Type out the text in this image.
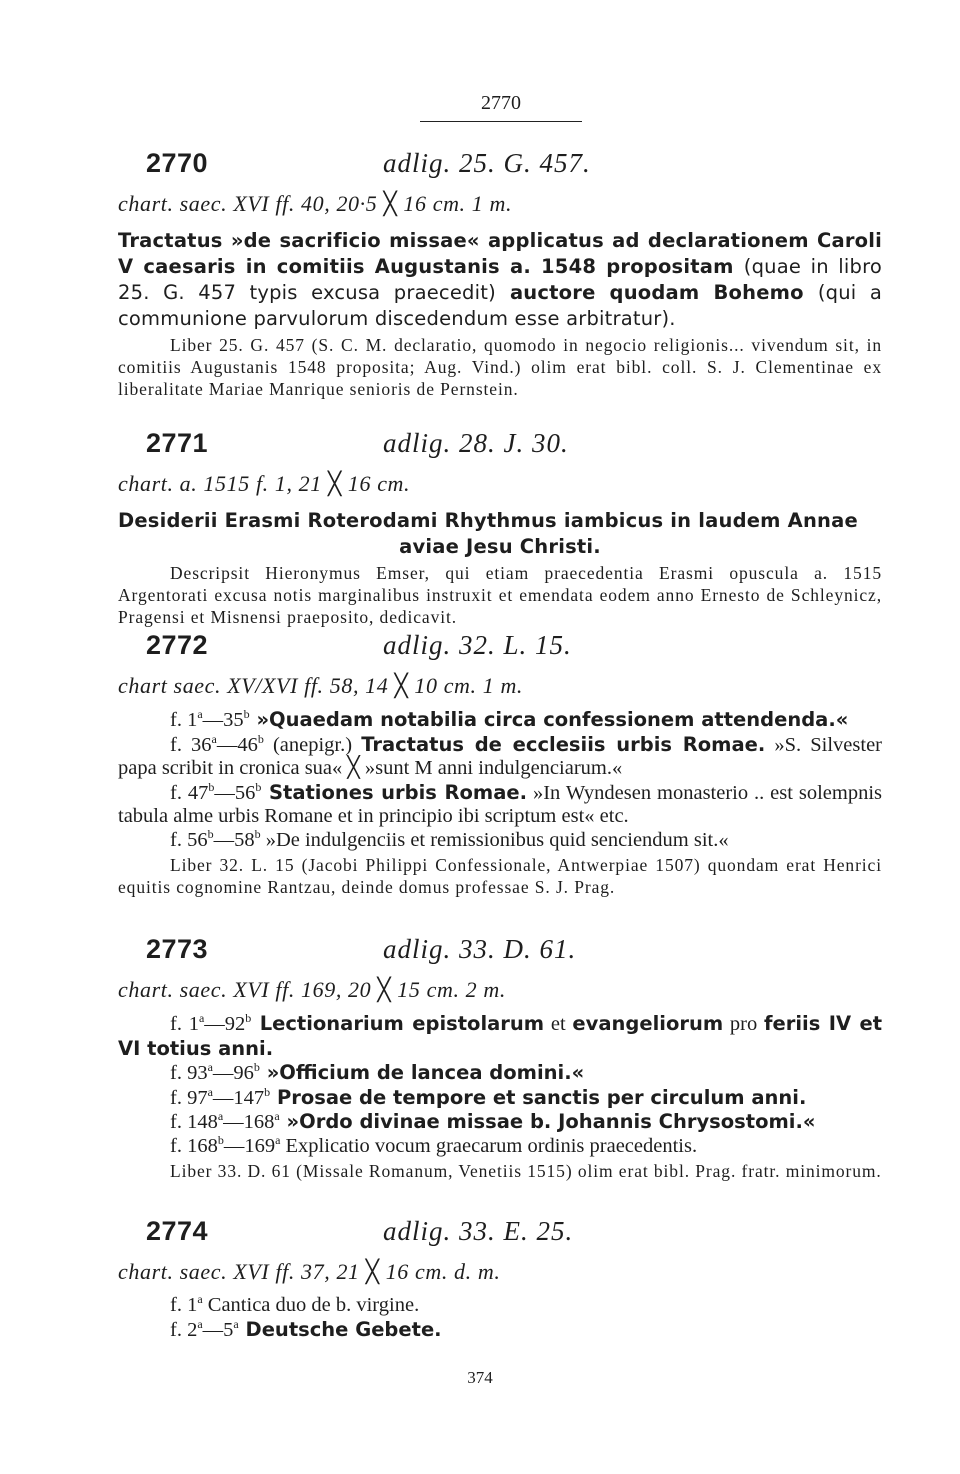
2770
2770	adlig. 25. G. 457.
chart. saec. XVI ff. 40, 20·5 ╳ 16 cm. 1 m.
Tractatus »de sacrificio missae« applicatus ad declarationem Caroli V caesaris in comitiis Augustanis a. 1548 propositam (quae in libro 25. G. 457 typis excusa praecedit) auctore quodam Bohemo (qui a communione parvulorum discedendum esse arbitratur).
Liber 25. G. 457 (S. C. M. declaratio, quomodo in negocio religionis... vivendum sit, in comitiis Augustanis 1548 proposita; Aug. Vind.) olim erat bibl. coll. S. J. Clementinae ex liberalitate Mariae Manrique senioris de Pernstein.
2771	adlig. 28. J. 30.
chart. a. 1515 f. 1, 21 ╳ 16 cm.
Desiderii Erasmi Roterodami Rhythmus iambicus in laudem Annae
aviae Jesu Christi.
Descripsit Hieronymus Emser, qui etiam praecedentia Erasmi opuscula a. 1515 Argentorati excusa notis marginalibus instruxit et emendata eodem anno Ernesto de Schleynicz, Pragensi et Misnensi praeposito, dedicavit.
2772	adlig. 32. L. 15.
chart saec. XV/XVI ff. 58, 14 ╳ 10 cm. 1 m.

f. 1$^a$—35$^b$ »Quaedam notabilia circa confessionem attendenda.«

f. 36$^a$—46$^b$ (anepigr.) Tractatus de ecclesiis urbis Romae. »S. Silvester papa scribit in cronica sua« ╳ »sunt M anni indulgenciarum.«

f. 47$^b$—56$^b$ Stationes urbis Romae. »In Wyndesen monasterio .. est solempnis tabula alme urbis Romane et in principio ibi scriptum est« etc.

f. 56$^b$—58$^b$ »De indulgenciis et remissionibus quid senciendum sit.«

Liber 32. L. 15 (Jacobi Philippi Confessionale, Antwerpiae 1507) quondam erat Henrici equitis cognomine Rantzau, deinde domus professae S. J. Prag.
2773	adlig. 33. D. 61.
chart. saec. XVI ff. 169, 20 ╳ 15 cm. 2 m.

f. 1$^a$—92$^b$ Lectionarium epistolarum et evangeliorum pro feriis IV et VI totius anni.

f. 93$^a$—96$^b$ »Officium de lancea domini.«

f. 97$^a$—147$^b$ Prosae de tempore et sanctis per circulum anni.

f. 148$^a$—168$^a$ »Ordo divinae missae b. Johannis Chrysostomi.«

f. 168$^b$—169$^a$ Explicatio vocum graecarum ordinis praecedentis.

Liber 33. D. 61 (Missale Romanum, Venetiis 1515) olim erat bibl. Prag. fratr. minimorum.
2774	adlig. 33. E. 25.
chart. saec. XVI ff. 37, 21 ╳ 16 cm. d. m.

f. 1$^a$ Cantica duo de b. virgine.

f. 2$^a$—5$^a$ Deutsche Gebete.

374
